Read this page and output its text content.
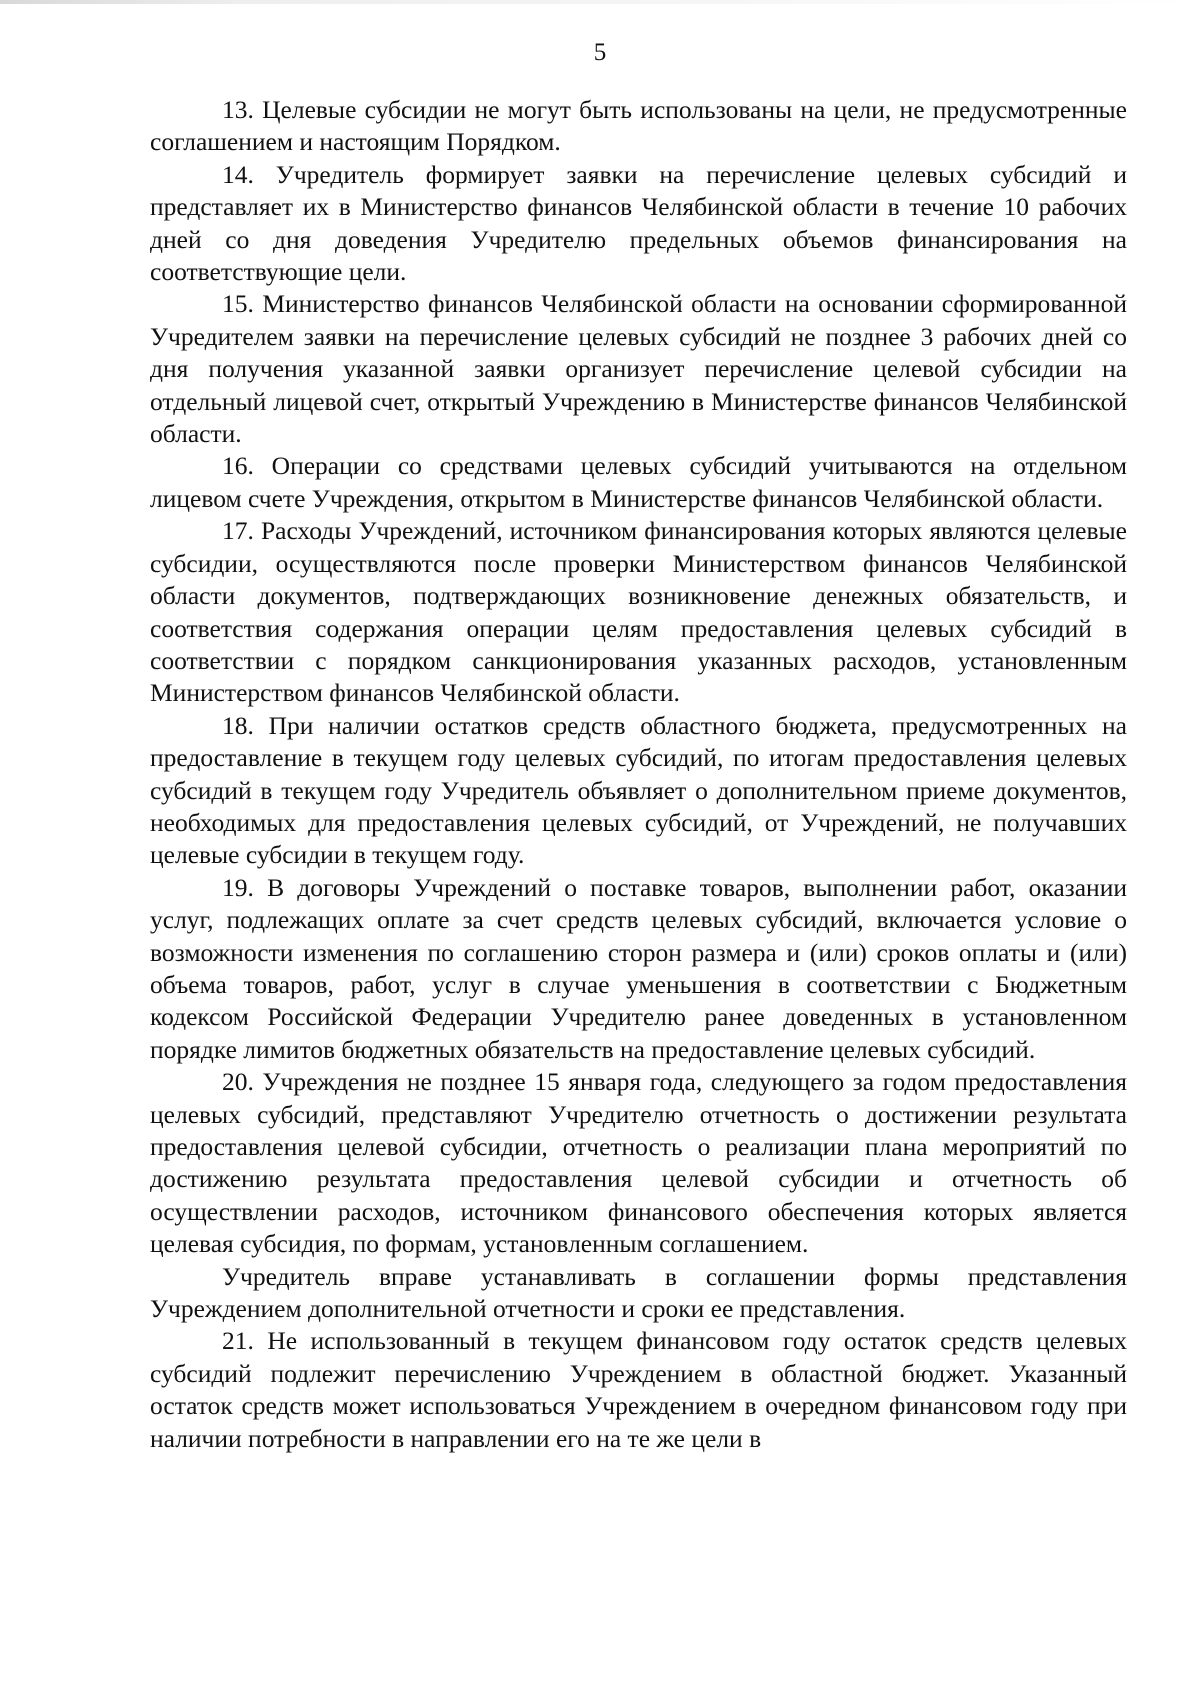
5

13. Целевые субсидии не могут быть использованы на цели, не предусмотренные соглашением и настоящим Порядком.

14. Учредитель формирует заявки на перечисление целевых субсидий и представляет их в Министерство финансов Челябинской области в течение 10 рабочих дней со дня доведения Учредителю предельных объемов финансирования на соответствующие цели.

15. Министерство финансов Челябинской области на основании сформированной Учредителем заявки на перечисление целевых субсидий не позднее 3 рабочих дней со дня получения указанной заявки организует перечисление целевой субсидии на отдельный лицевой счет, открытый Учреждению в Министерстве финансов Челябинской области.

16. Операции со средствами целевых субсидий учитываются на отдельном лицевом счете Учреждения, открытом в Министерстве финансов Челябинской области.

17. Расходы Учреждений, источником финансирования которых являются целевые субсидии, осуществляются после проверки Министерством финансов Челябинской области документов, подтверждающих возникновение денежных обязательств, и соответствия содержания операции целям предоставления целевых субсидий в соответствии с порядком санкционирования указанных расходов, установленным Министерством финансов Челябинской области.

18. При наличии остатков средств областного бюджета, предусмотренных на предоставление в текущем году целевых субсидий, по итогам предоставления целевых субсидий в текущем году Учредитель объявляет о дополнительном приеме документов, необходимых для предоставления целевых субсидий, от Учреждений, не получавших целевые субсидии в текущем году.

19. В договоры Учреждений о поставке товаров, выполнении работ, оказании услуг, подлежащих оплате за счет средств целевых субсидий, включается условие о возможности изменения по соглашению сторон размера и (или) сроков оплаты и (или) объема товаров, работ, услуг в случае уменьшения в соответствии с Бюджетным кодексом Российской Федерации Учредителю ранее доведенных в установленном порядке лимитов бюджетных обязательств на предоставление целевых субсидий.

20. Учреждения не позднее 15 января года, следующего за годом предоставления целевых субсидий, представляют Учредителю отчетность о достижении результата предоставления целевой субсидии, отчетность о реализации плана мероприятий по достижению результата предоставления целевой субсидии и отчетность об осуществлении расходов, источником финансового обеспечения которых является целевая субсидия, по формам, установленным соглашением.

Учредитель вправе устанавливать в соглашении формы представления Учреждением дополнительной отчетности и сроки ее представления.

21. Не использованный в текущем финансовом году остаток средств целевых субсидий подлежит перечислению Учреждением в областной бюджет. Указанный остаток средств может использоваться Учреждением в очередном финансовом году при наличии потребности в направлении его на те же цели в
